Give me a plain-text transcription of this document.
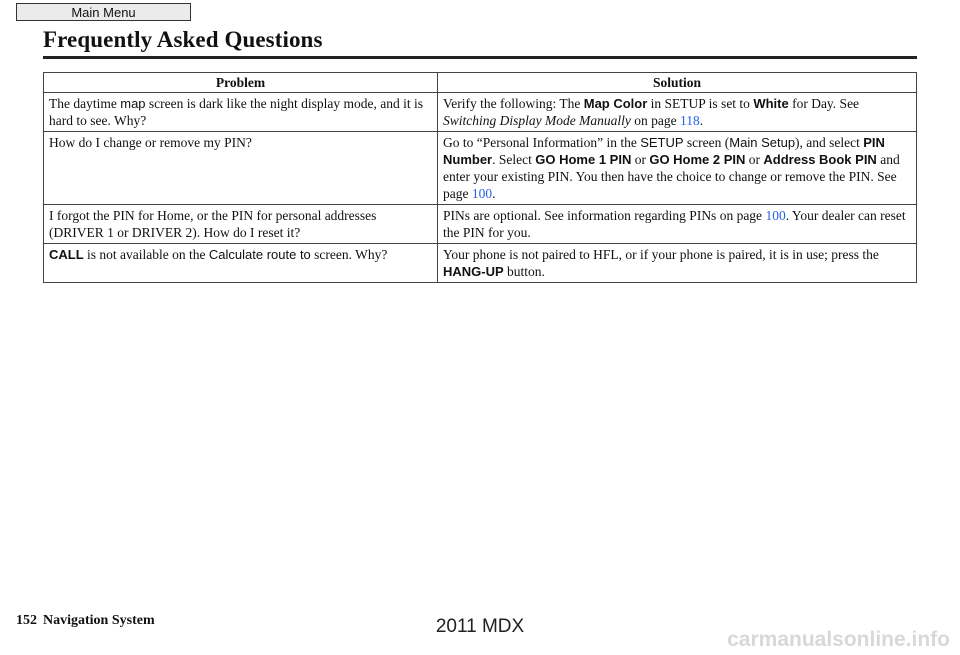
Main Menu
Frequently Asked Questions
Problem	Solution
The daytime map screen is dark like the night display mode, and it is hard to see. Why?	Verify the following: The Map Color in SETUP is set to White for Day. See Switching Display Mode Manually on page 118.
How do I change or remove my PIN?	Go to “Personal Information” in the SETUP screen (Main Setup), and select PIN Number. Select GO Home 1 PIN or GO Home 2 PIN or Address Book PIN and enter your existing PIN. You then have the choice to change or remove the PIN. See page 100.
I forgot the PIN for Home, or the PIN for personal addresses (DRIVER 1 or DRIVER 2). How do I reset it?	PINs are optional. See information regarding PINs on page 100. Your dealer can reset the PIN for you.
CALL is not available on the Calculate route to screen. Why?	Your phone is not paired to HFL, or if your phone is paired, it is in use; press the HANG-UP button.
152 Navigation System	2011 MDX
carmanualsonline.info
